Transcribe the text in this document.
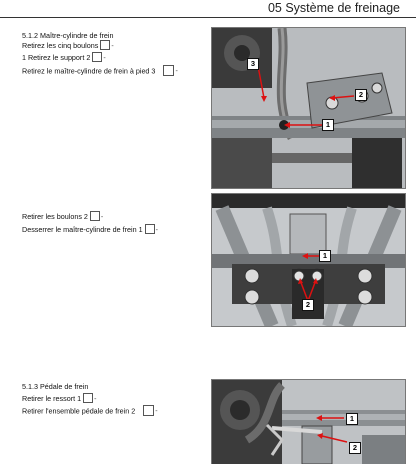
05 Système de freinage
5.1.2 Maître-cylindre de frein
Retirez les cinq boulons -
1 Retirez le support 2 -
Retirez le maître-cylindre de frein à pied 3	-
3
2
1
Retirer les boulons 2 -
Desserrer le maître-cylindre de frein 1 -
1
2
5.1.3 Pédale de frein
Retirer le ressort 1 -
Retirer l'ensemble pédale de frein 2	-
1
2
